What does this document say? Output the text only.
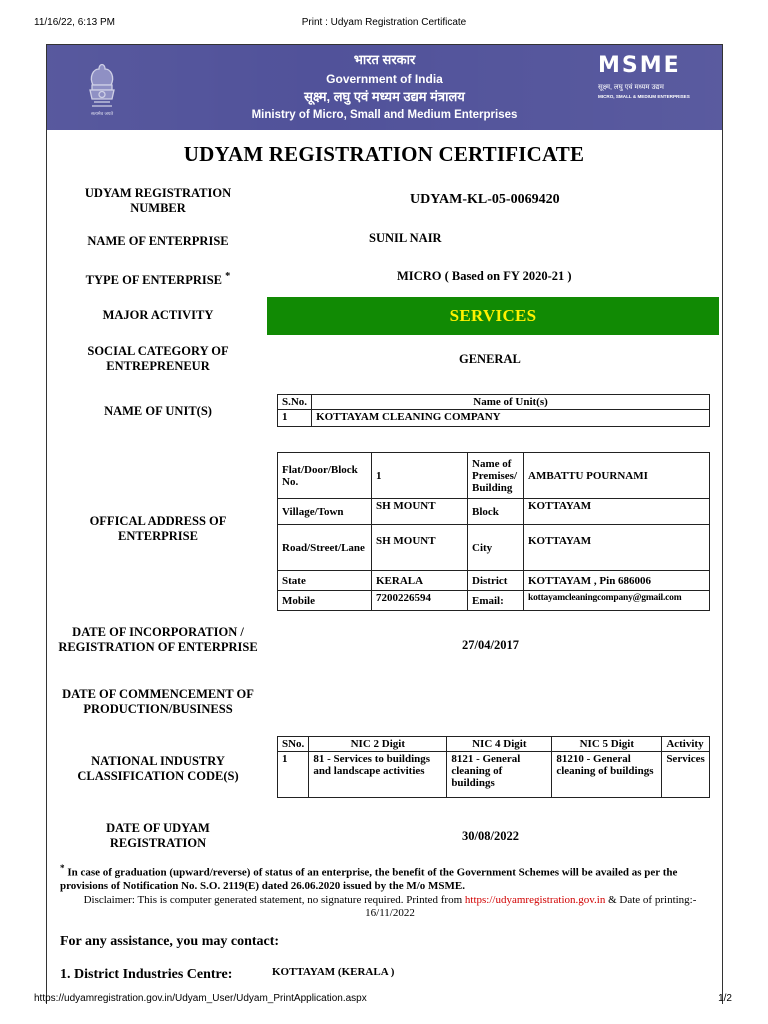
11/16/22, 6:13 PM	Print : Udyam Registration Certificate
सत्यमेव जयते
भारत सरकार
Government of India
सूक्ष्म, लघु एवं मध्यम उद्यम मंत्रालय
Ministry of Micro, Small and Medium Enterprises
MSME
सूक्ष्म, लघु एवं मध्यम उद्यम
MICRO, SMALL & MEDIUM ENTERPRISES
UDYAM REGISTRATION CERTIFICATE
UDYAM REGISTRATION NUMBER
UDYAM-KL-05-0069420
NAME OF ENTERPRISE	SUNIL NAIR
TYPE OF ENTERPRISE *	MICRO ( Based on FY 2020-21 )
MAJOR ACTIVITY	SERVICES
SOCIAL CATEGORY OF ENTREPRENEUR	GENERAL
NAME OF UNIT(S)
S.No.	Name of Unit(s)
1	KOTTAYAM CLEANING COMPANY
OFFICAL ADDRESS OF ENTERPRISE
Flat/Door/Block No.	1	Name of Premises/ Building	AMBATTU POURNAMI
Village/Town	SH MOUNT	Block	KOTTAYAM
Road/Street/Lane	SH MOUNT	City	KOTTAYAM
State	KERALA	District	KOTTAYAM , Pin 686006
Mobile	7200226594	Email:	kottayamcleaningcompany@gmail.com
DATE OF INCORPORATION / REGISTRATION OF ENTERPRISE	27/04/2017
DATE OF COMMENCEMENT OF PRODUCTION/BUSINESS
NATIONAL INDUSTRY CLASSIFICATION CODE(S)
SNo.	NIC 2 Digit	NIC 4 Digit	NIC 5 Digit	Activity
1	81 - Services to buildings and landscape activities	8121 - General cleaning of buildings	81210 - General cleaning of buildings	Services
DATE OF UDYAM REGISTRATION	30/08/2022
* In case of graduation (upward/reverse) of status of an enterprise, the benefit of the Government Schemes will be availed as per the provisions of Notification No. S.O. 2119(E) dated 26.06.2020 issued by the M/o MSME.
Disclaimer: This is computer generated statement, no signature required. Printed from https://udyamregistration.gov.in & Date of printing:-
16/11/2022
For any assistance, you may contact:
1. District Industries Centre:	KOTTAYAM (KERALA )
https://udyamregistration.gov.in/Udyam_User/Udyam_PrintApplication.aspx	1/2
